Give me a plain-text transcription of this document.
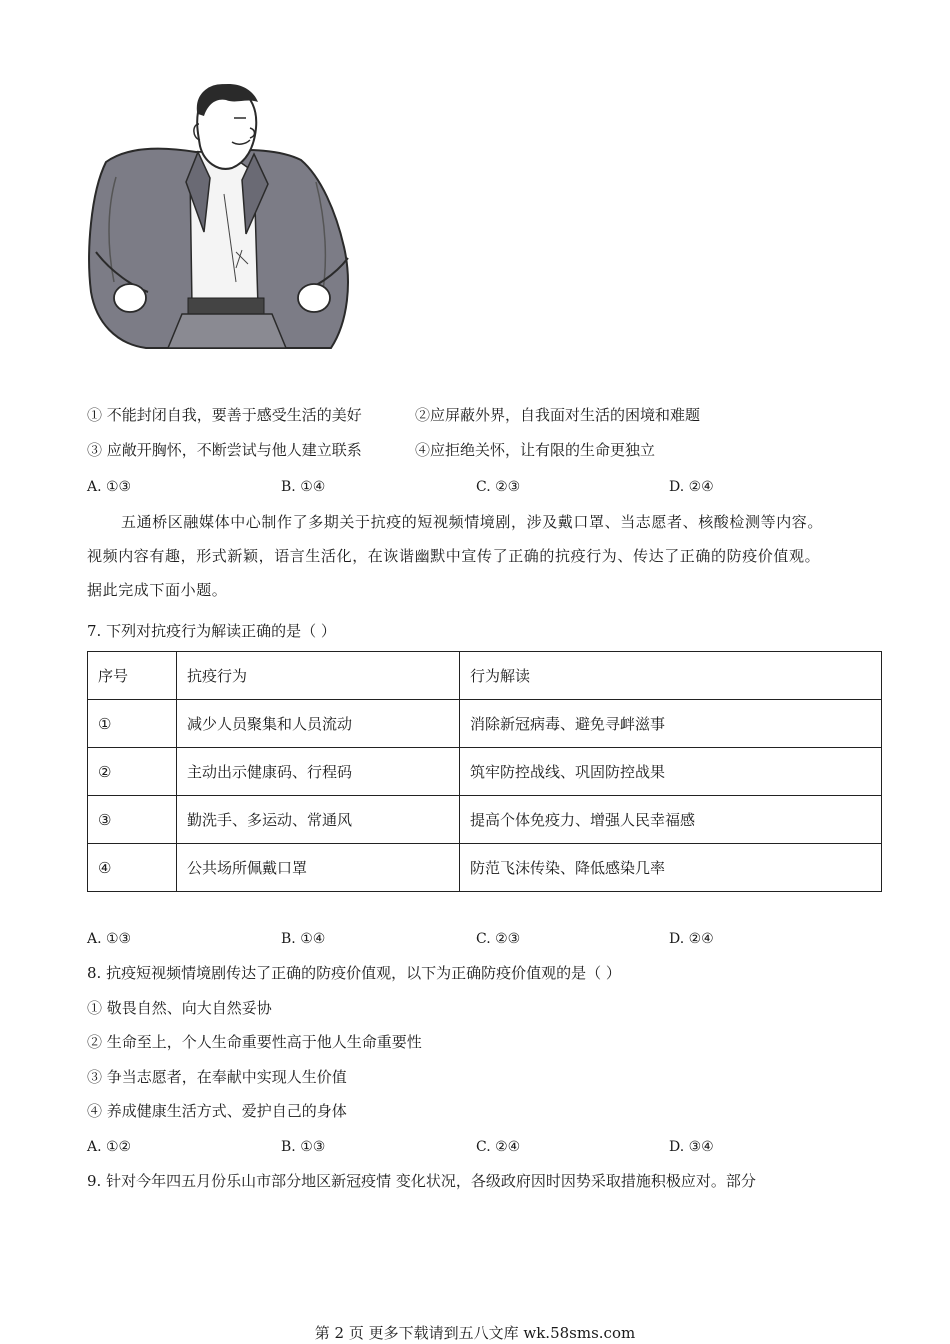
① 不能封闭自我，要善于感受生活的美好	②应屏蔽外界，自我面对生活的困境和难题
③ 应敞开胸怀，不断尝试与他人建立联系	④应拒绝关怀，让有限的生命更独立
A. ①③	B. ①④	C. ②③	D. ②④

五通桥区融媒体中心制作了多期关于抗疫的短视频情境剧，涉及戴口罩、当志愿者、核酸检测等内容。

视频内容有趣，形式新颖，语言生活化，在诙谐幽默中宣传了正确的抗疫行为、传达了正确的防疫价值观。

据此完成下面小题。

7. 下列对抗疫行为解读正确的是（ ）
序号	抗疫行为	行为解读
①	减少人员聚集和人员流动	消除新冠病毒、避免寻衅滋事
②	主动出示健康码、行程码	筑牢防控战线、巩固防控战果
③	勤洗手、多运动、常通风	提高个体免疫力、增强人民幸福感
④	公共场所佩戴口罩	防范飞沫传染、降低感染几率
A. ①③	B. ①④	C. ②③	D. ②④
8. 抗疫短视频情境剧传达了正确的防疫价值观，以下为正确防疫价值观的是（ ）
① 敬畏自然、向大自然妥协
② 生命至上，个人生命重要性高于他人生命重要性
③ 争当志愿者，在奉献中实现人生价值
④ 养成健康生活方式、爱护自己的身体
A. ①②	B. ①③	C. ②④	D. ③④
9. 针对今年四五月份乐山市部分地区新冠疫情 变化状况，各级政府因时因势采取措施积极应对。部分
第 2 页 更多下载请到五八文库 wk.58sms.com
